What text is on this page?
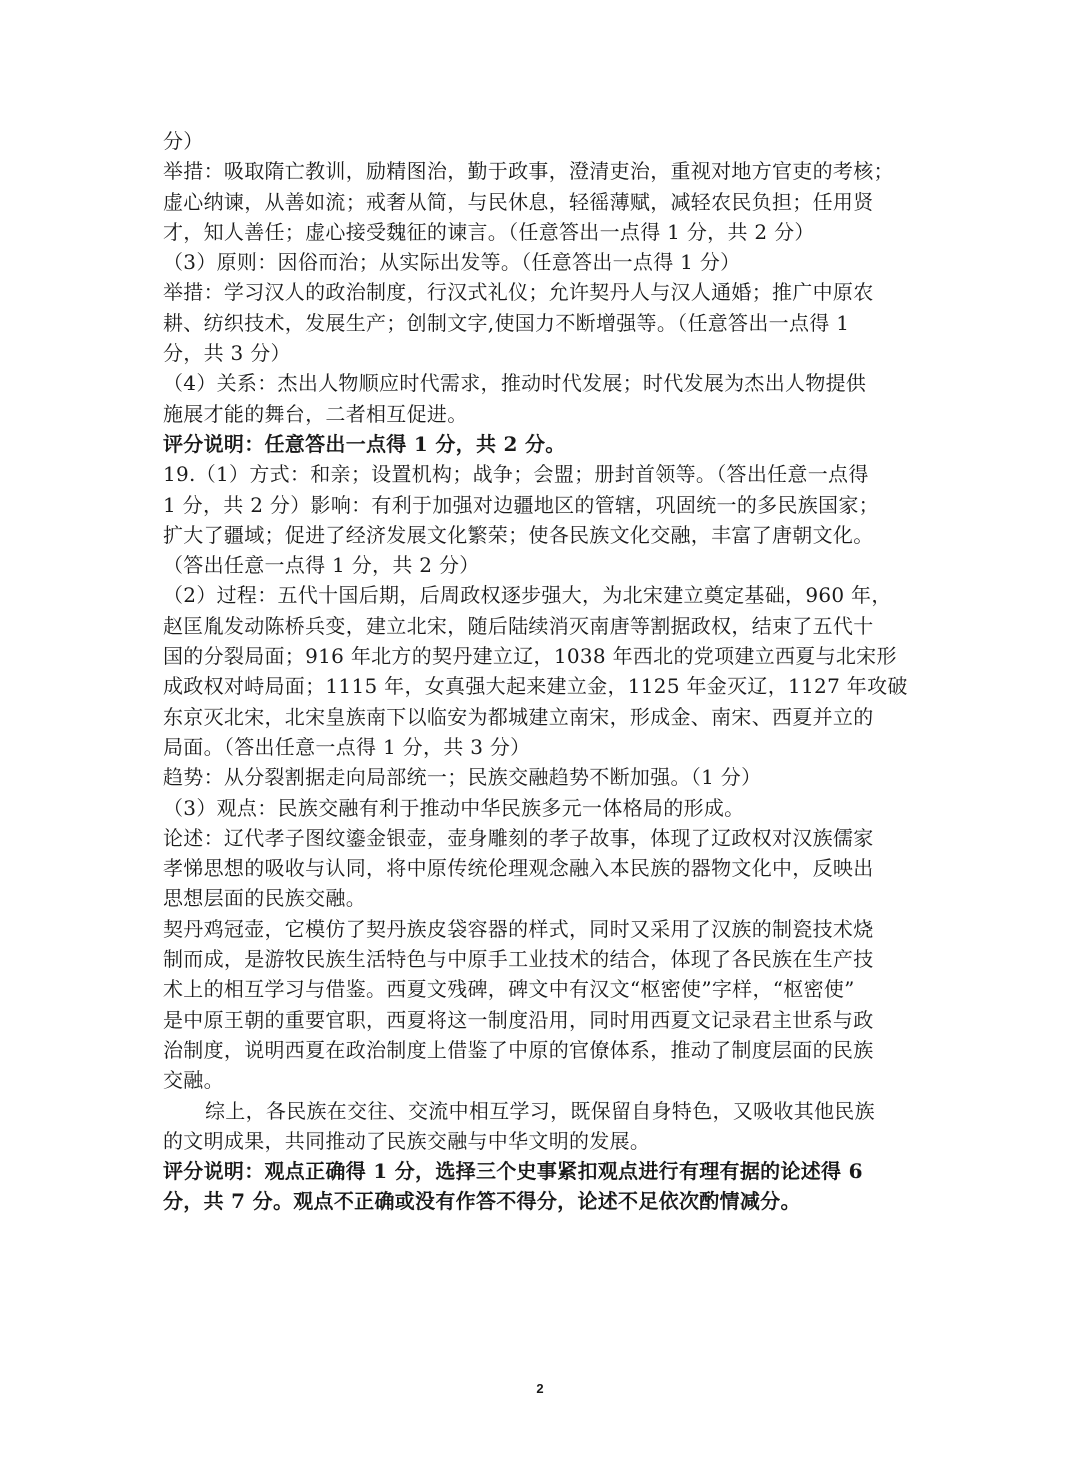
分）
举措：吸取隋亡教训，励精图治，勤于政事，澄清吏治，重视对地方官吏的考核；
虚心纳谏，从善如流；戒奢从简，与民休息，轻徭薄赋，减轻农民负担；任用贤
才，知人善任；虚心接受魏征的谏言。（任意答出一点得 1 分，共 2 分）
（3）原则：因俗而治；从实际出发等。（任意答出一点得 1 分）
举措：学习汉人的政治制度，行汉式礼仪；允许契丹人与汉人通婚；推广中原农
耕、纺织技术，发展生产；创制文字,使国力不断增强等。（任意答出一点得 1
分，共 3 分）
（4）关系：杰出人物顺应时代需求，推动时代发展；时代发展为杰出人物提供
施展才能的舞台，二者相互促进。
评分说明：任意答出一点得 1 分，共 2 分。
19.（1）方式：和亲；设置机构；战争；会盟；册封首领等。（答出任意一点得
1 分，共 2 分）影响：有利于加强对边疆地区的管辖，巩固统一的多民族国家；
扩大了疆域；促进了经济发展文化繁荣；使各民族文化交融，丰富了唐朝文化。
（答出任意一点得 1 分，共 2 分）
（2）过程：五代十国后期，后周政权逐步强大，为北宋建立奠定基础，960 年，
赵匡胤发动陈桥兵变，建立北宋，随后陆续消灭南唐等割据政权，结束了五代十
国的分裂局面；916 年北方的契丹建立辽，1038 年西北的党项建立西夏与北宋形
成政权对峙局面；1115 年，女真强大起来建立金，1125 年金灭辽，1127 年攻破
东京灭北宋，北宋皇族南下以临安为都城建立南宋，形成金、南宋、西夏并立的
局面。（答出任意一点得 1 分，共 3 分）
趋势：从分裂割据走向局部统一；民族交融趋势不断加强。（1 分）
（3）观点：民族交融有利于推动中华民族多元一体格局的形成。
论述：辽代孝子图纹鎏金银壶，壶身雕刻的孝子故事，体现了辽政权对汉族儒家
孝悌思想的吸收与认同，将中原传统伦理观念融入本民族的器物文化中，反映出
思想层面的民族交融。
契丹鸡冠壶，它模仿了契丹族皮袋容器的样式，同时又采用了汉族的制瓷技术烧
制而成，是游牧民族生活特色与中原手工业技术的结合，体现了各民族在生产技
术上的相互学习与借鉴。西夏文残碑，碑文中有汉文“枢密使”字样，“枢密使”
是中原王朝的重要官职，西夏将这一制度沿用，同时用西夏文记录君主世系与政
治制度，说明西夏在政治制度上借鉴了中原的官僚体系，推动了制度层面的民族
交融。
综上，各民族在交往、交流中相互学习，既保留自身特色，又吸收其他民族
的文明成果，共同推动了民族交融与中华文明的发展。
评分说明：观点正确得 1 分，选择三个史事紧扣观点进行有理有据的论述得 6
分，共 7 分。观点不正确或没有作答不得分，论述不足依次酌情减分。
2
